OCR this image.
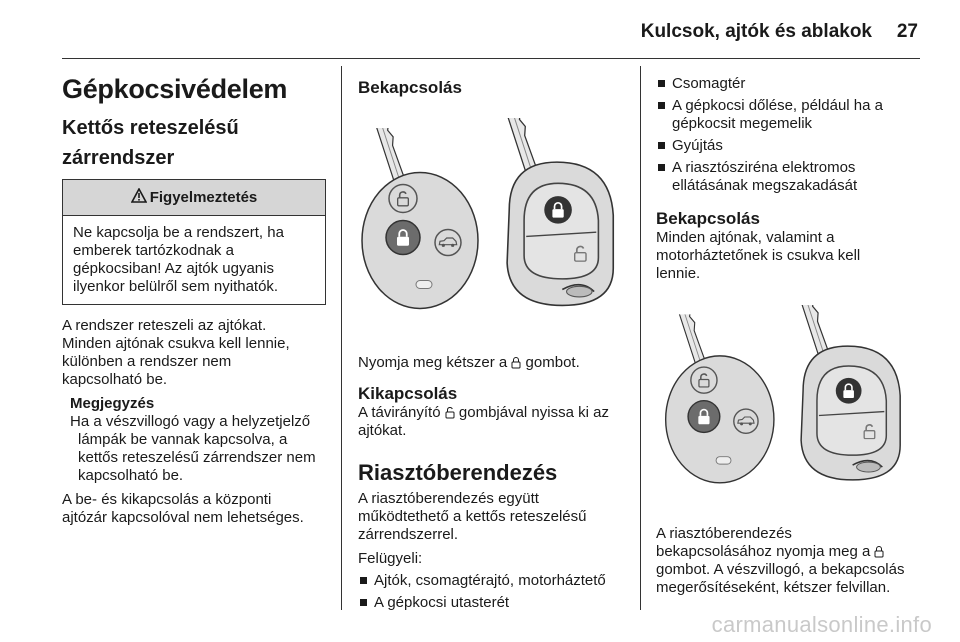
Kulcsok, ajtók és ablakok 27
Gépkocsivédelem
Kettős reteszelésű
zárrendszer
Figyelmeztetés

Ne kapcsolja be a rendszert, ha

emberek tartózkodnak a

gépkocsiban! Az ajtók ugyanis

ilyenkor belülről sem nyithatók.

A rendszer reteszeli az ajtókat.

Minden ajtónak csukva kell lennie,

különben a rendszer nem

kapcsolható be.

Megjegyzés

Ha a vészvillogó vagy a helyzetjelző

lámpák be vannak kapcsolva, a

kettős reteszelésű zárrendszer nem

kapcsolható be.

A be- és kikapcsolás a központi

ajtózár kapcsolóval nem lehetséges.

Bekapcsolás

Nyomja meg kétszer a  gombot.

Kikapcsolás

A távirányító  gombjával nyissa ki az

ajtókat.

Riasztóberendezés

A riasztóberendezés együtt

működtethető a kettős reteszelésű

zárrendszerrel.

Felügyeli:

Ajtók, csomagtérajtó, motorháztető
A gépkocsi utasterét
Csomagtér
A gépkocsi dőlése, például ha a
gépkocsit megemelik
Gyújtás
A riasztósziréna elektromos
ellátásának megszakadását
Bekapcsolás

Minden ajtónak, valamint a

motorháztetőnek is csukva kell

lennie.

A riasztóberendezés

bekapcsolásához nyomja meg a

gombot. A vészvillogó, a bekapcsolás

megerősítéseként, kétszer felvillan.

carmanualsonline.info
